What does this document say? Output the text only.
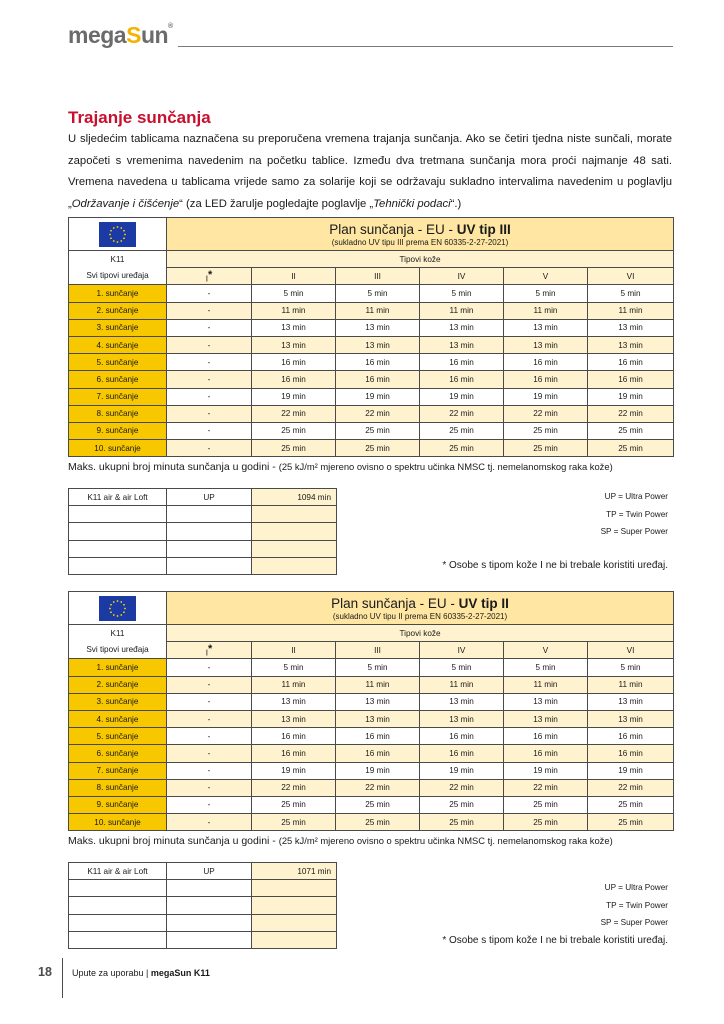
megaSun®
Trajanje sunčanja
U sljedećim tablicama naznačena su preporučena vremena trajanja sunčanja. Ako se četiri tjedna niste sunčali, morate započeti s vremenima navedenim na početku tablice. Između dva tretmana sunčanja mora proći najmanje 48 sati. Vremena navedena u tablicama vrijede samo za solarije koji se održavaju sukladno intervalima navedenim u poglavlju „Održavanje i čišćenje“ (za LED žarulje pogledajte poglavlje „Tehnički podaci“.)

Plan sunčanja - EU - UV tip III
(sukladno UV tipu III prema EN 60335-2-27-2021)					

K11
Svi tipovi uređaja	Tipovi kože					
	I*	II	III	IV	V	VI
1. sunčanje	-	5 min	5 min	5 min	5 min	5 min
2. sunčanje	-	11 min	11 min	11 min	11 min	11 min
3. sunčanje	-	13 min	13 min	13 min	13 min	13 min
4. sunčanje	-	13 min	13 min	13 min	13 min	13 min
5. sunčanje	-	16 min	16 min	16 min	16 min	16 min
6. sunčanje	-	16 min	16 min	16 min	16 min	16 min
7. sunčanje	-	19 min	19 min	19 min	19 min	19 min
8. sunčanje	-	22 min	22 min	22 min	22 min	22 min
9. sunčanje	-	25 min	25 min	25 min	25 min	25 min
10. sunčanje	-	25 min	25 min	25 min	25 min	25 min
Maks. ukupni broj minuta sunčanja u godini - (25 kJ/m² mjereno ovisno o spektru učinka NMSC tj. nemelanomskog raka kože)
K11 air & air Loft	UP	1094 min

			UP = Ultra Power
TP = Twin Power
SP = Super Power
* Osobe s tipom kože I ne bi trebale koristiti uređaj.

Plan sunčanja - EU - UV tip II
(sukladno UV tipu II prema EN 60335-2-27-2021)					

K11
Svi tipovi uređaja	Tipovi kože					
	I*	II	III	IV	V	VI
1. sunčanje	-	5 min	5 min	5 min	5 min	5 min
2. sunčanje	-	11 min	11 min	11 min	11 min	11 min
3. sunčanje	-	13 min	13 min	13 min	13 min	13 min
4. sunčanje	-	13 min	13 min	13 min	13 min	13 min
5. sunčanje	-	16 min	16 min	16 min	16 min	16 min
6. sunčanje	-	16 min	16 min	16 min	16 min	16 min
7. sunčanje	-	19 min	19 min	19 min	19 min	19 min
8. sunčanje	-	22 min	22 min	22 min	22 min	22 min
9. sunčanje	-	25 min	25 min	25 min	25 min	25 min
10. sunčanje	-	25 min	25 min	25 min	25 min	25 min
Maks. ukupni broj minuta sunčanja u godini - (25 kJ/m² mjereno ovisno o spektru učinka NMSC tj. nemelanomskog raka kože)
K11 air & air Loft	UP	1071 min

UP = Ultra Power
TP = Twin Power
SP = Super Power
* Osobe s tipom kože I ne bi trebale koristiti uređaj.
18 Upute za uporabu | megaSun K11
